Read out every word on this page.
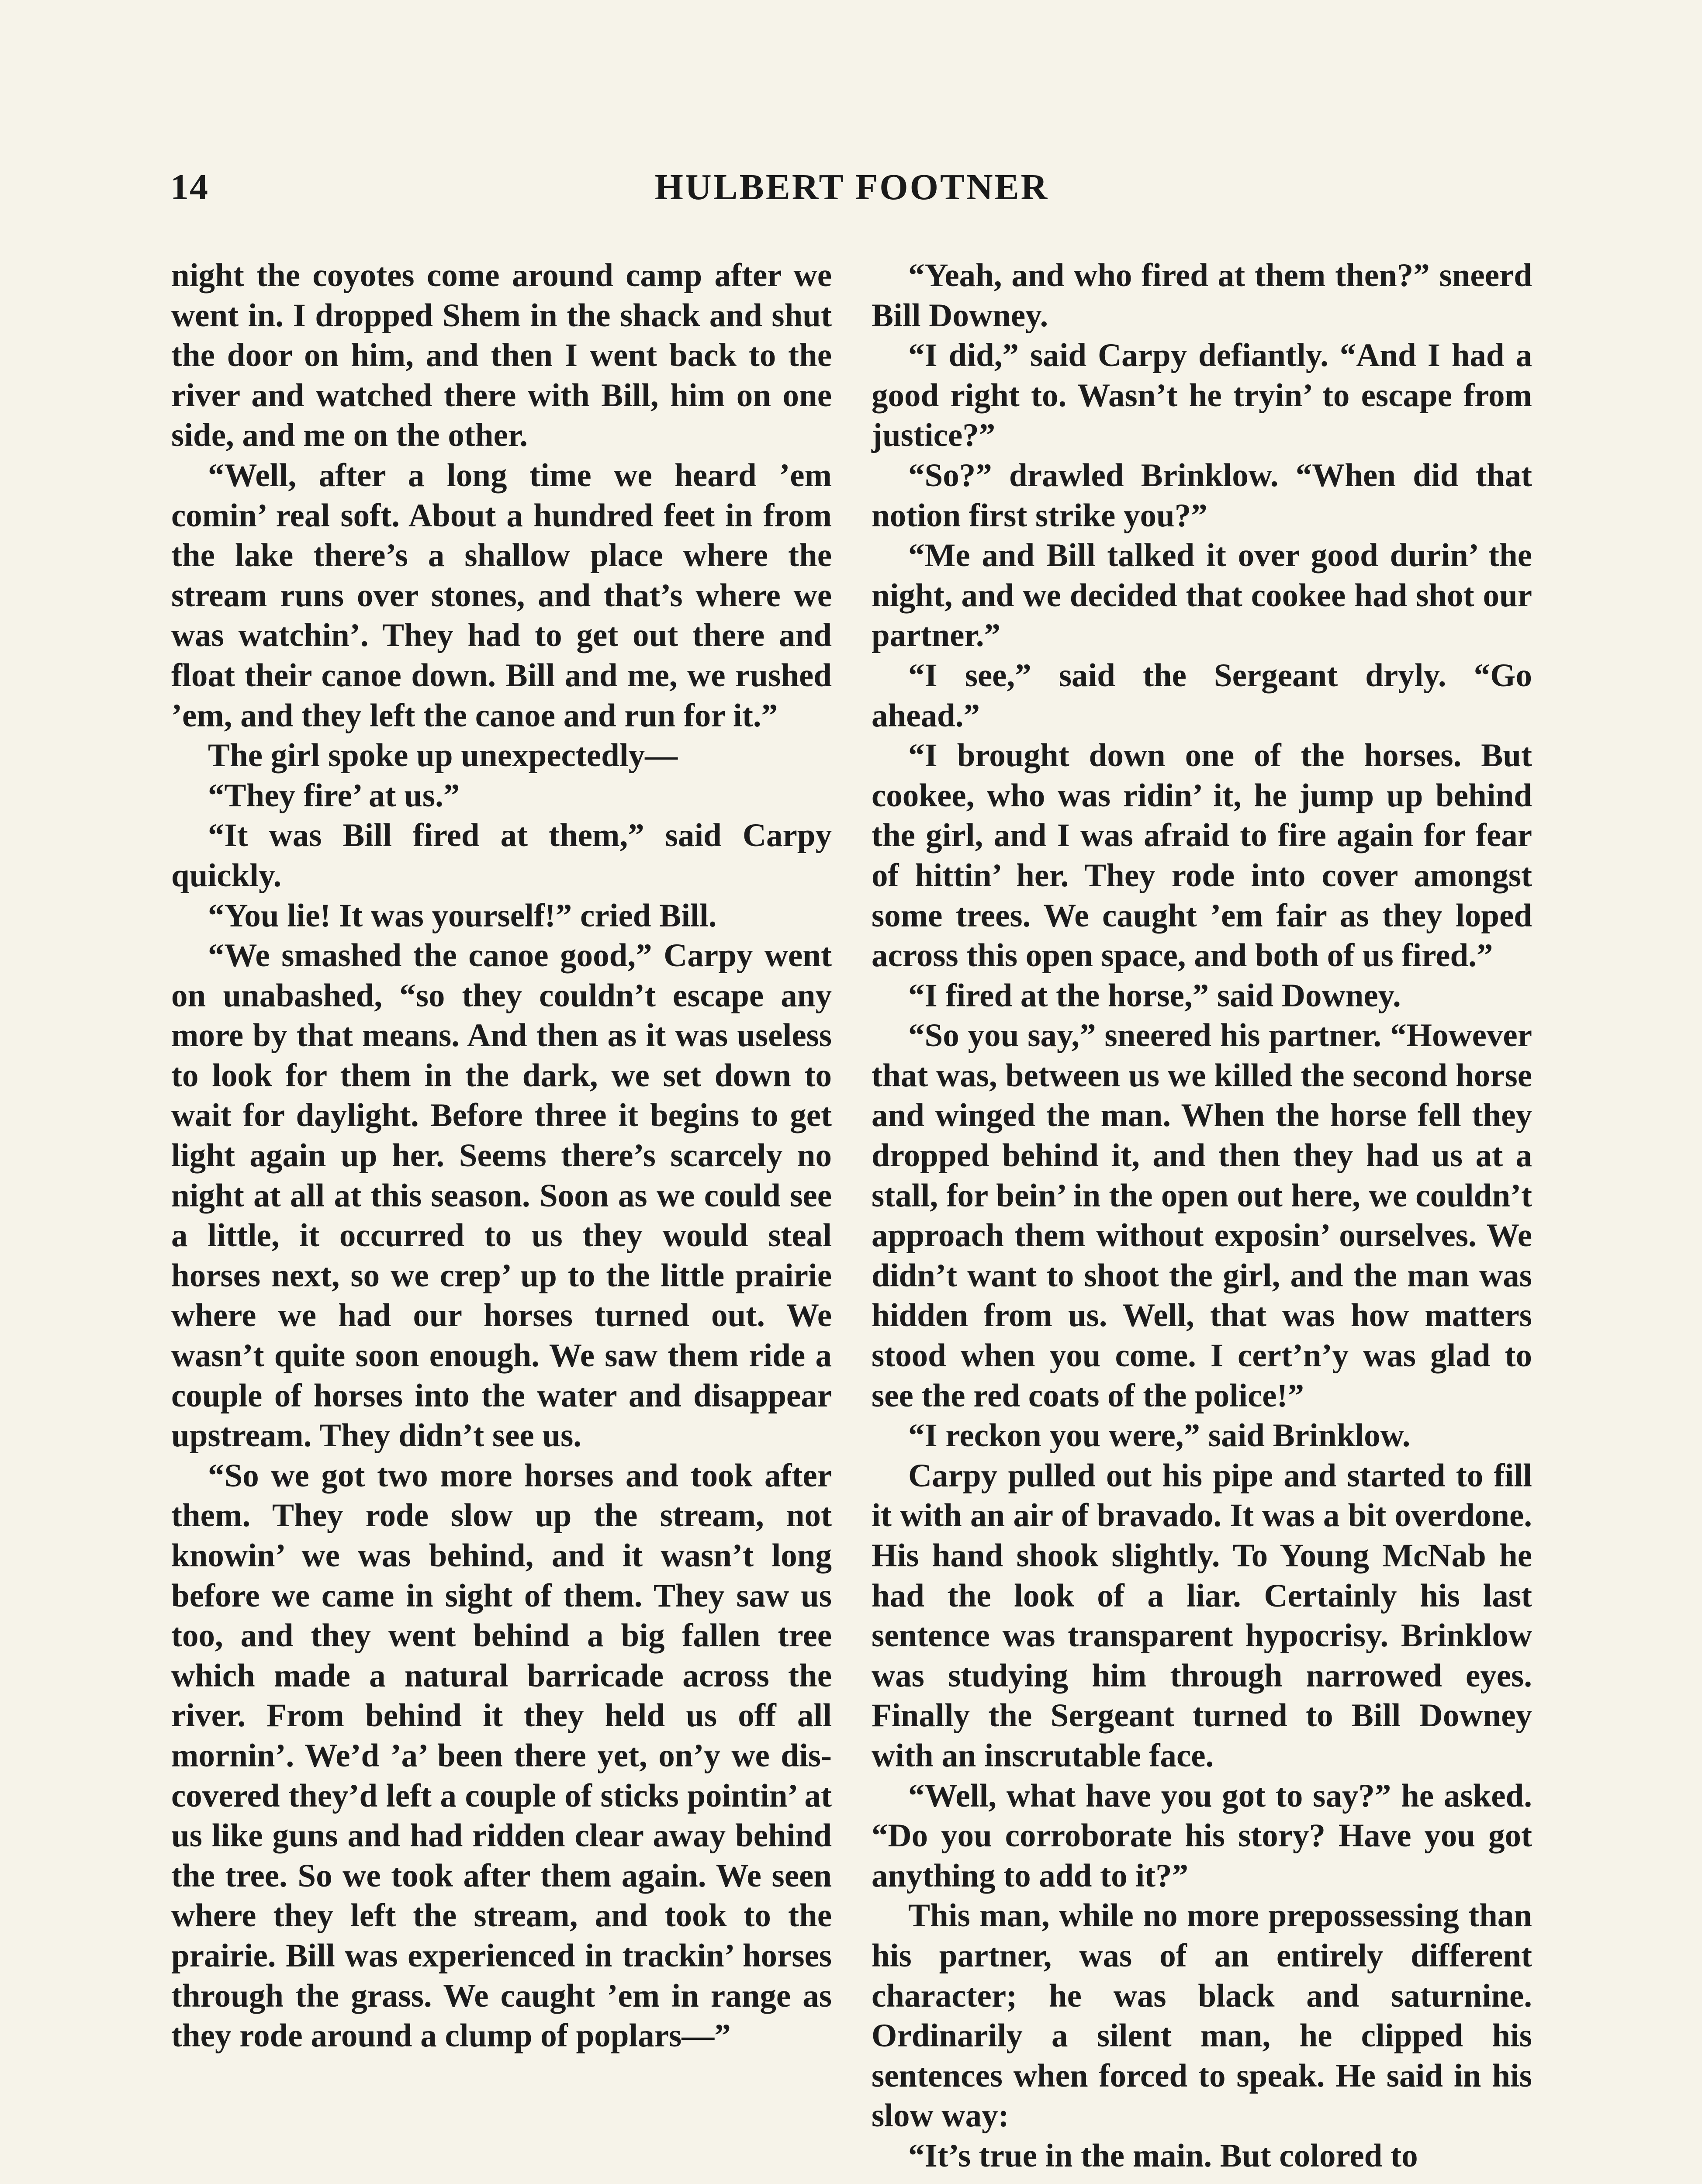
14	HULBERT FOOTNER

night the coyotes come around camp after we went in. I dropped Shem in the shack and shut the door on him, and then I went back to the river and watched there with Bill, him on one side, and me on the other.

“Well, after a long time we heard ’em comin’ real soft. About a hundred feet in from the lake there’s a shallow place where the stream runs over stones, and that’s where we was watchin’. They had to get out there and float their canoe down. Bill and me, we rushed ’em, and they left the canoe and run for it.”

The girl spoke up unexpectedly—

“They fire’ at us.”

“It was Bill fired at them,” said Carpy quickly.

“You lie! It was yourself!” cried Bill.

“We smashed the canoe good,” Carpy went on unabashed, “so they couldn’t escape any more by that means. And then as it was useless to look for them in the dark, we set down to wait for daylight. Before three it begins to get light again up her. Seems there’s scarcely no night at all at this season. Soon as we could see a little, it occurred to us they would steal horses next, so we crep’ up to the little prairie where we had our horses turned out. We wasn’t quite soon enough. We saw them ride a couple of horses into the water and disappear upstream. They didn’t see us.

“So we got two more horses and took after them. They rode slow up the stream, not knowin’ we was behind, and it wasn’t long before we came in sight of them. They saw us too, and they went behind a big fallen tree which made a natural barricade across the river. From behind it they held us off all mornin’. We’d ’a’ been there yet, on’y we discovered they’d left a couple of sticks pointin’ at us like guns and had ridden clear away behind the tree. So we took after them again. We seen where they left the stream, and took to the prairie. Bill was experienced in trackin’ horses through the grass. We caught ’em in range as they rode around a clump of poplars—”

“Yeah, and who fired at them then?” sneerd Bill Downey.

“I did,” said Carpy defiantly. “And I had a good right to. Wasn’t he tryin’ to escape from justice?”

“So?” drawled Brinklow. “When did that notion first strike you?”

“Me and Bill talked it over good durin’ the night, and we decided that cookee had shot our partner.”

“I see,” said the Sergeant dryly. “Go ahead.”

“I brought down one of the horses. But cookee, who was ridin’ it, he jump up behind the girl, and I was afraid to fire again for fear of hittin’ her. They rode into cover amongst some trees. We caught ’em fair as they loped across this open space, and both of us fired.”

“I fired at the horse,” said Downey.

“So you say,” sneered his partner. “However that was, between us we killed the second horse and winged the man. When the horse fell they dropped behind it, and then they had us at a stall, for bein’ in the open out here, we couldn’t approach them without exposin’ ourselves. We didn’t want to shoot the girl, and the man was hidden from us. Well, that was how matters stood when you come. I cert’n’y was glad to see the red coats of the police!”

“I reckon you were,” said Brinklow.

Carpy pulled out his pipe and started to fill it with an air of bravado. It was a bit overdone. His hand shook slightly. To Young McNab he had the look of a liar. Certainly his last sentence was transparent hypocrisy. Brinklow was studying him through narrowed eyes. Finally the Sergeant turned to Bill Downey with an inscrutable face.

“Well, what have you got to say?” he asked. “Do you corroborate his story? Have you got anything to add to it?”

This man, while no more prepossessing than his partner, was of an entirely different character; he was black and saturnine. Ordinarily a silent man, he clipped his sentences when forced to speak. He said in his slow way:

“It’s true in the main. But colored to
